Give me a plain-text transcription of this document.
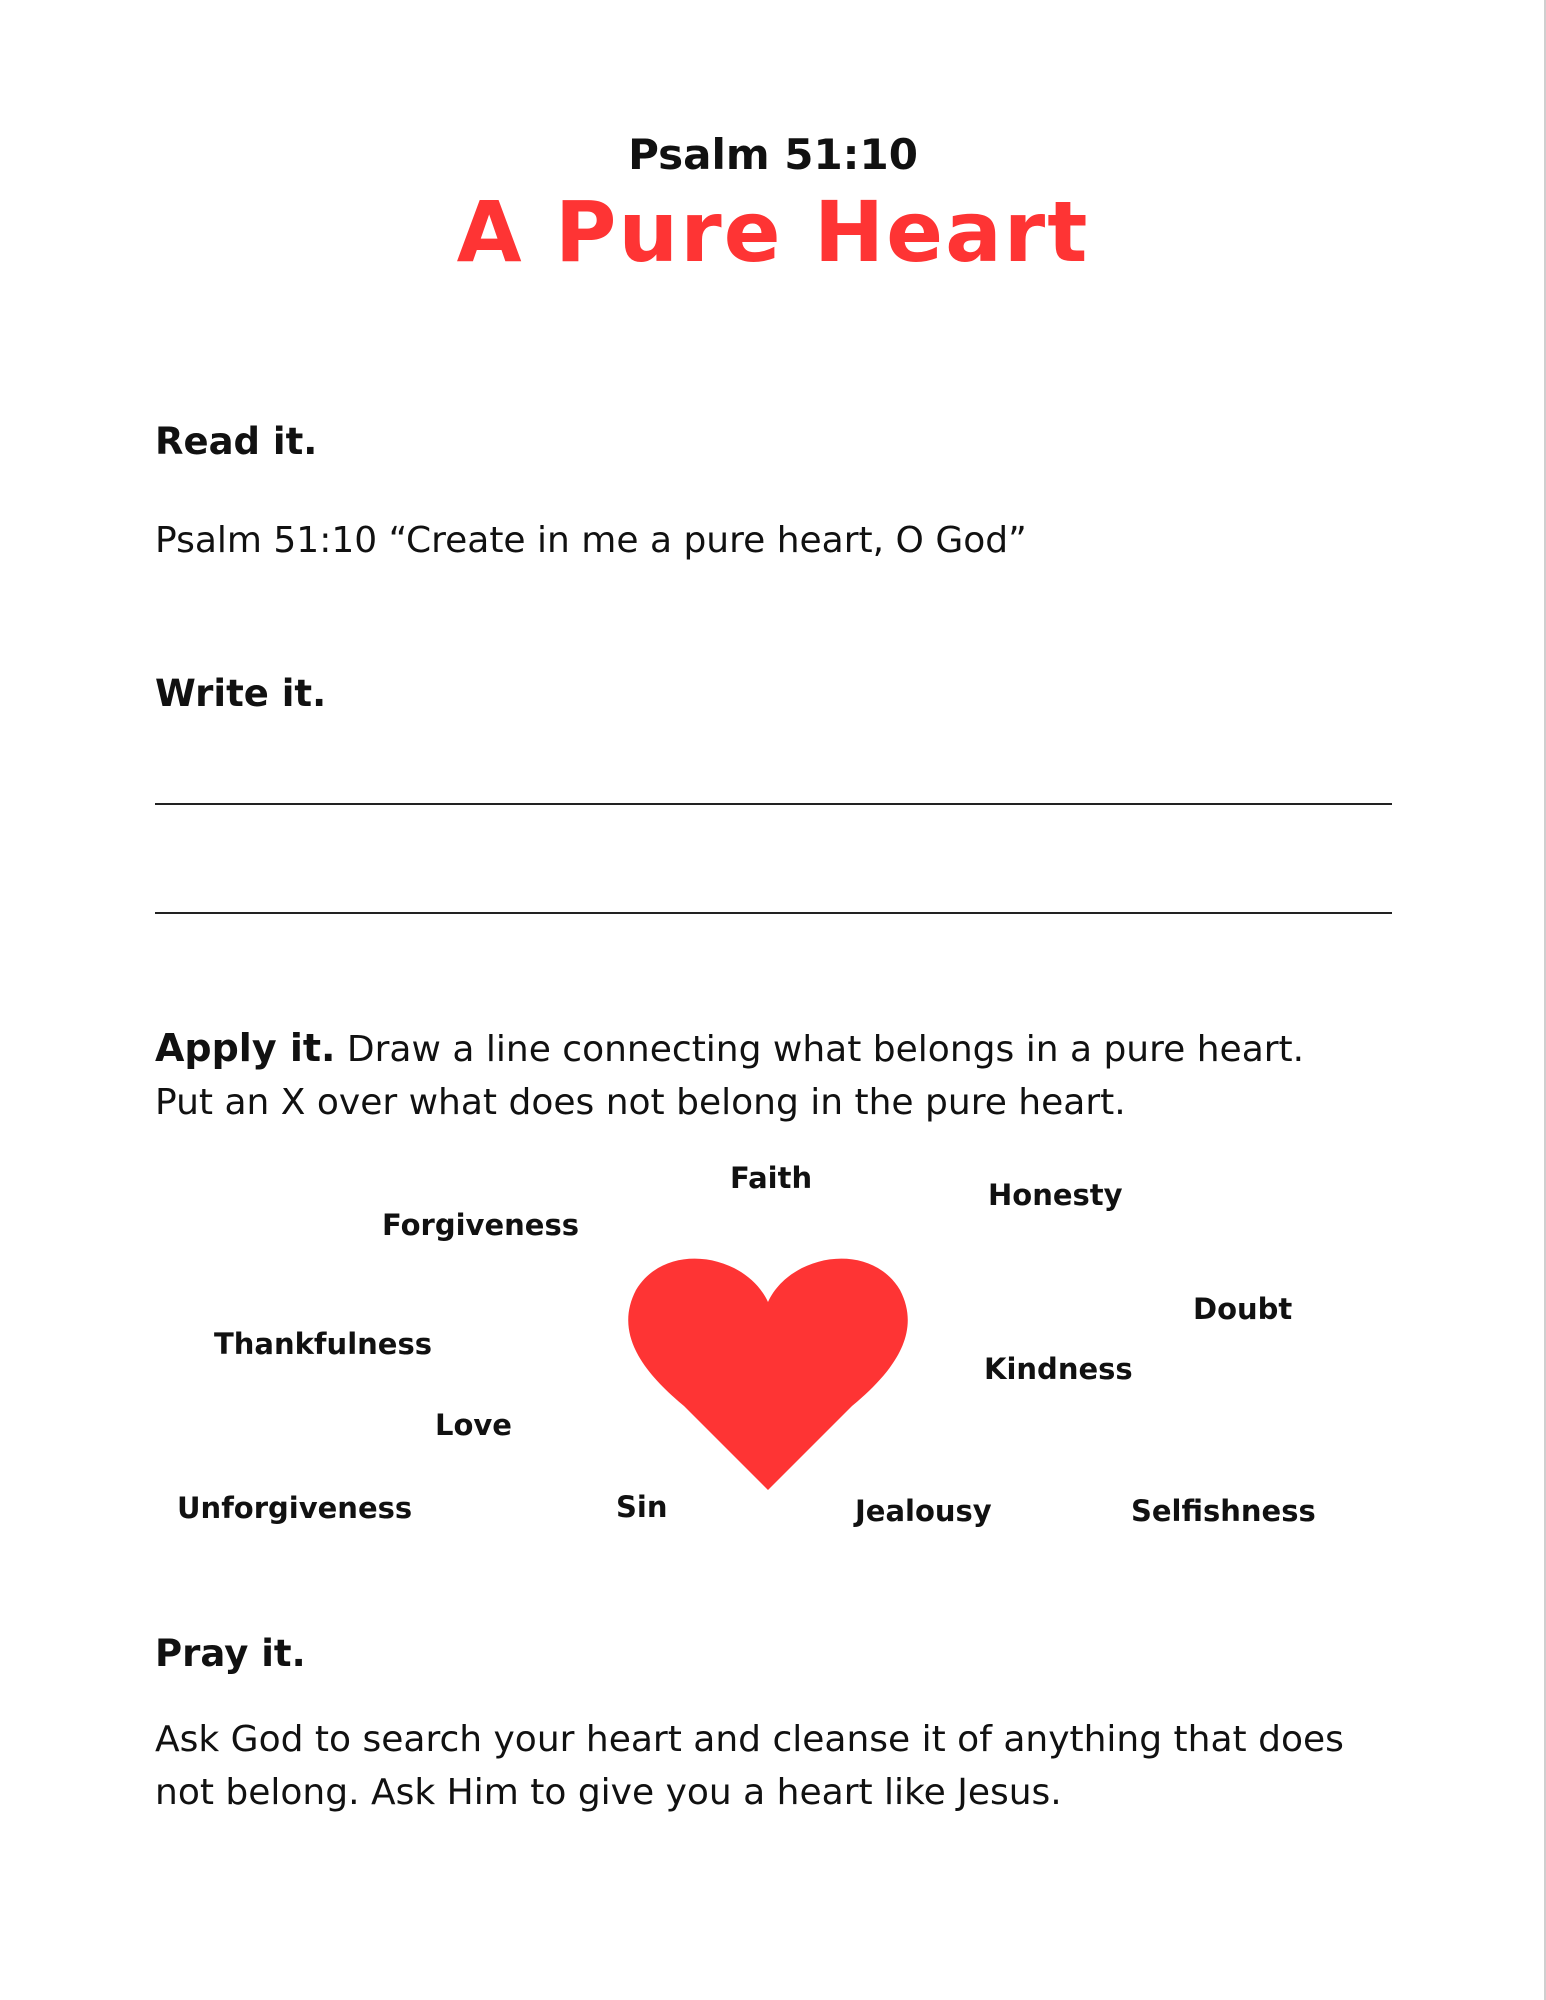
Psalm 51:10
A Pure Heart
Read it.
Psalm 51:10 “Create in me a pure heart, O God”
Write it.
Apply it. Draw a line connecting what belongs in a pure heart.
Put an X over what does not belong in the pure heart.
Faith	Honesty
Forgiveness
Doubt
Thankfulness
Kindness
Love
Unforgiveness	Sin	Jealousy	Selfishness
Pray it.
Ask God to search your heart and cleanse it of anything that does
not belong. Ask Him to give you a heart like Jesus.
